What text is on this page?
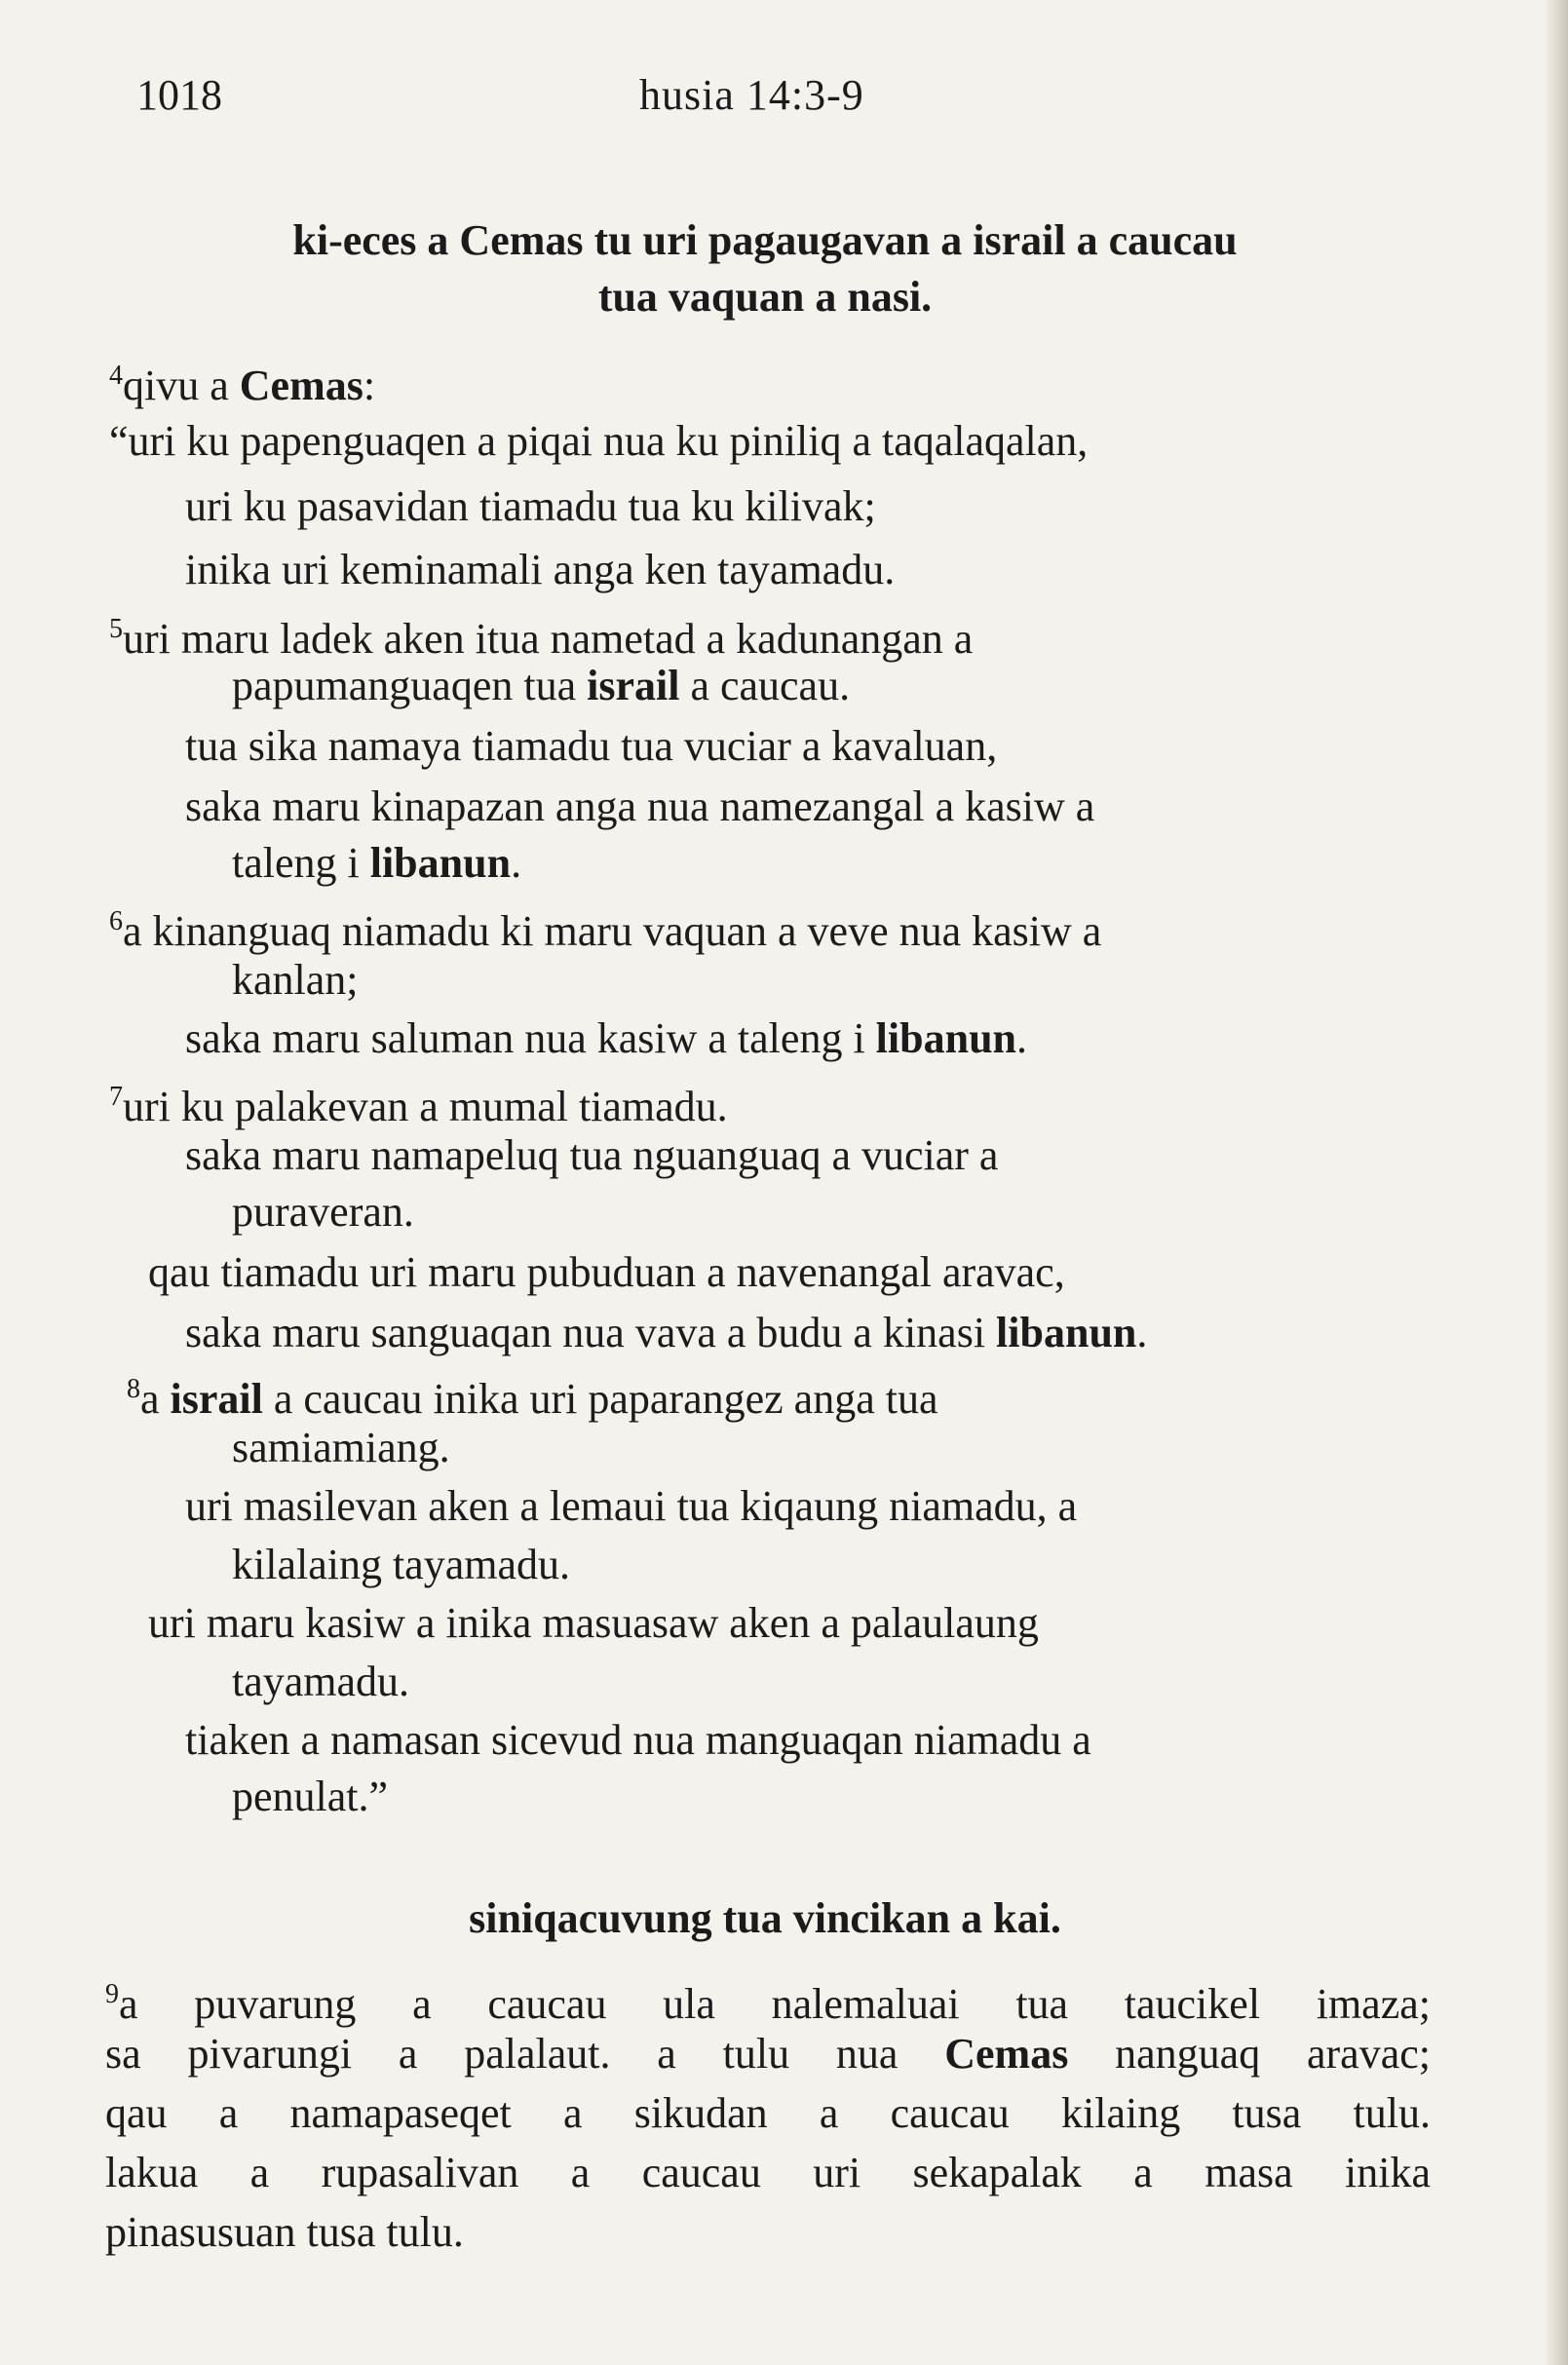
1018	husia 14:3-9
ki-eces a Cemas tu uri pagaugavan a israil a caucau
tua vaquan a nasi.
$^4$qivu a Cemas:
“uri ku papenguaqen a piqai nua ku piniliq a taqalaqalan,
uri ku pasavidan tiamadu tua ku kilivak;
inika uri keminamali anga ken tayamadu.
$^5$uri maru ladek aken itua nametad a kadunangan a
papumanguaqen tua israil a caucau.
tua sika namaya tiamadu tua vuciar a kavaluan,
saka maru kinapazan anga nua namezangal a kasiw a
taleng i libanun.
$^6$a kinanguaq niamadu ki maru vaquan a veve nua kasiw a
kanlan;
saka maru saluman nua kasiw a taleng i libanun.
$^7$uri ku palakevan a mumal tiamadu.
saka maru namapeluq tua nguanguaq a vuciar a
puraveran.
qau tiamadu uri maru pubuduan a navenangal aravac,
saka maru sanguaqan nua vava a budu a kinasi libanun.
$^8$a israil a caucau inika uri paparangez anga tua
samiamiang.
uri masilevan aken a lemaui tua kiqaung niamadu, a
kilalaing tayamadu.
uri maru kasiw a inika masuasaw aken a palaulaung
tayamadu.
tiaken a namasan sicevud nua manguaqan niamadu a
penulat.”
siniqacuvung tua vincikan a kai.
$^9$a puvarung a caucau ula nalemaluai tua taucikel imaza;
sa pivarungi a palalaut. a tulu nua Cemas nanguaq aravac;
qau a namapaseqet a sikudan a caucau kilaing tusa tulu.
lakua a rupasalivan a caucau uri sekapalak a masa inika
pinasusuan tusa tulu.
